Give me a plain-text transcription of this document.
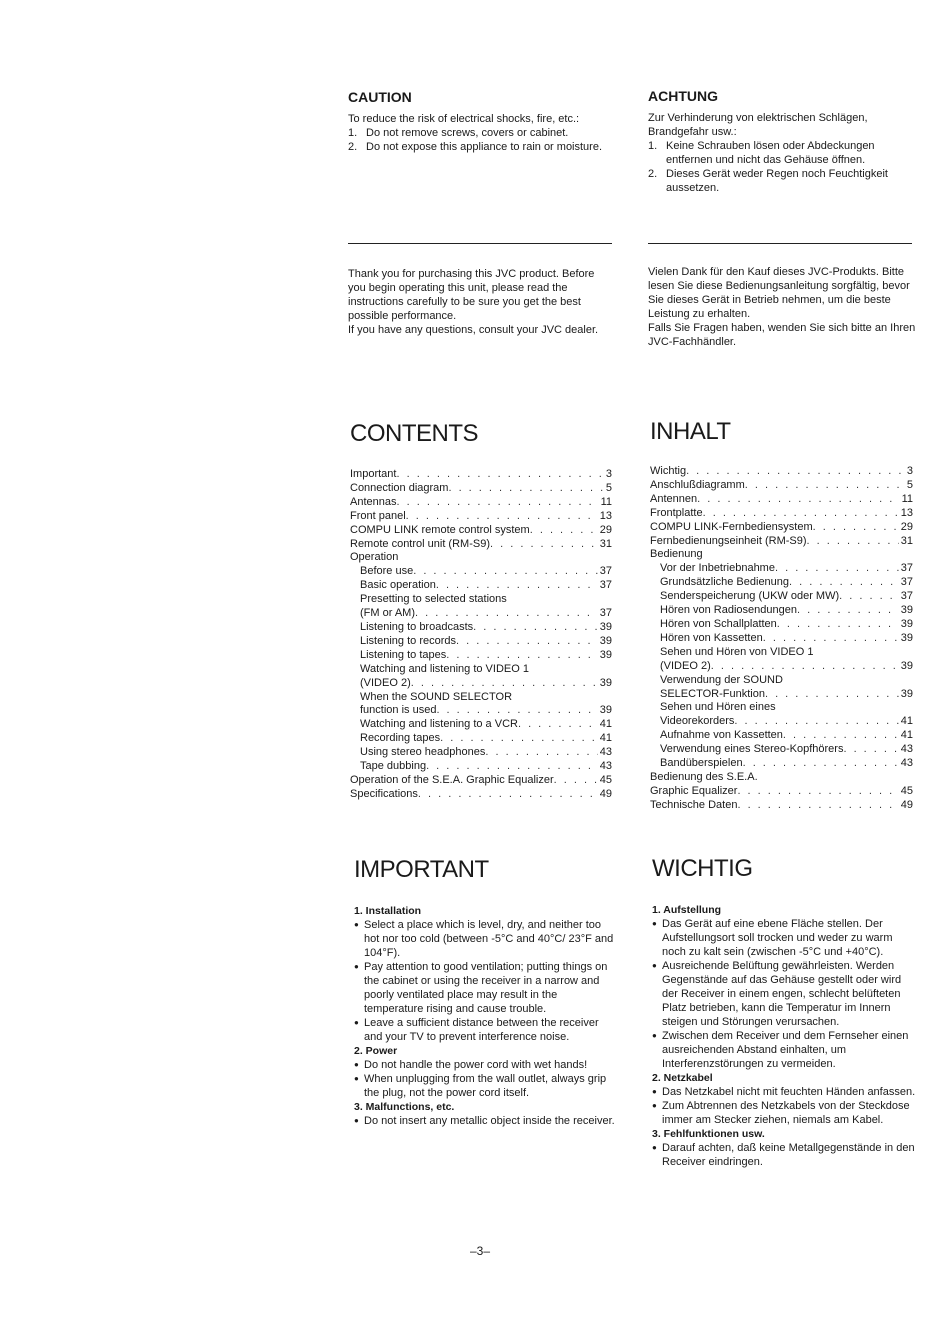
CAUTION
To reduce the risk of electrical shocks, fire, etc.:
1. Do not remove screws, covers or cabinet.
2. Do not expose this appliance to rain or moisture.
ACHTUNG
Zur Verhinderung von elektrischen Schlägen, Brandgefahr usw.:
1. Keine Schrauben lösen oder Abdeckungen entfernen und nicht das Gehäuse öffnen.
2. Dieses Gerät weder Regen noch Feuchtigkeit aussetzen.
Thank you for purchasing this JVC product. Before you begin operating this unit, please read the instructions carefully to be sure you get the best possible performance.
If you have any questions, consult your JVC dealer.
Vielen Dank für den Kauf dieses JVC-Produkts. Bitte lesen Sie diese Bedienungsanleitung sorgfältig, bevor Sie dieses Gerät in Betrieb nehmen, um die beste Leistung zu erhalten.
Falls Sie Fragen haben, wenden Sie sich bitte an Ihren JVC-Fachhändler.
CONTENTS
Important . . .	3
Connection diagram . . .	5
Antennas . . .	11
Front panel . . .	13
COMPU LINK remote control system . . .	29
Remote control unit (RM-S9) . . .	31
Operation
Before use . . .	37
Basic operation . . .	37
Presetting to selected stations
(FM or AM) . . .	37
Listening to broadcasts . . .	39
Listening to records . . .	39
Listening to tapes . . .	39
Watching and listening to VIDEO 1
(VIDEO 2) . . .	39
When the SOUND SELECTOR
function is used . . .	39
Watching and listening to a VCR . . .	41
Recording tapes . . .	41
Using stereo headphones . . .	43
Tape dubbing . . .	43
Operation of the S.E.A. Graphic Equalizer . . .	45
Specifications . . .	49
INHALT
Wichtig . . .	3
Anschlußdiagramm . . .	5
Antennen . . .	11
Frontplatte . . .	13
COMPU LINK-Fernbediensystem . . .	29
Fernbedienungseinheit (RM-S9) . . .	31
Bedienung
Vor der Inbetriebnahme . . .	37
Grundsätzliche Bedienung . . .	37
Senderspeicherung (UKW oder MW) . . .	37
Hören von Radiosendungen . . .	39
Hören von Schallplatten . . .	39
Hören von Kassetten . . .	39
Sehen und Hören von VIDEO 1
(VIDEO 2) . . .	39
Verwendung der SOUND
SELECTOR-Funktion . . .	39
Sehen und Hören eines
Videorekorders . . .	41
Aufnahme von Kassetten . . .	41
Verwendung eines Stereo-Kopfhörers . . .	43
Bandüberspielen . . .	43
Bedienung des S.E.A.
Graphic Equalizer . . .	45
Technische Daten . . .	49
IMPORTANT
1. Installation
● Select a place which is level, dry, and neither too hot nor too cold (between -5°C and 40°C/ 23°F and 104°F).
● Pay attention to good ventilation; putting things on the cabinet or using the receiver in a narrow and poorly ventilated place may result in the temperature rising and cause trouble.
● Leave a sufficient distance between the receiver and your TV to prevent interference noise.
2. Power
● Do not handle the power cord with wet hands!
● When unplugging from the wall outlet, always grip the plug, not the power cord itself.
3. Malfunctions, etc.
● Do not insert any metallic object inside the receiver.
WICHTIG
1. Aufstellung
● Das Gerät auf eine ebene Fläche stellen. Der Aufstellungsort soll trocken und weder zu warm noch zu kalt sein (zwischen -5°C und +40°C).
● Ausreichende Belüftung gewährleisten. Werden Gegenstände auf das Gehäuse gestellt oder wird der Receiver in einem engen, schlecht belüfteten Platz betrieben, kann die Temperatur im Innern steigen und Störungen verursachen.
● Zwischen dem Receiver und dem Fernseher einen ausreichenden Abstand einhalten, um Interferenzstörungen zu vermeiden.
2. Netzkabel
● Das Netzkabel nicht mit feuchten Händen anfassen.
● Zum Abtrennen des Netzkabels von der Steckdose immer am Stecker ziehen, niemals am Kabel.
3. Fehlfunktionen usw.
● Darauf achten, daß keine Metallgegenstände in den Receiver eindringen.
–3–
